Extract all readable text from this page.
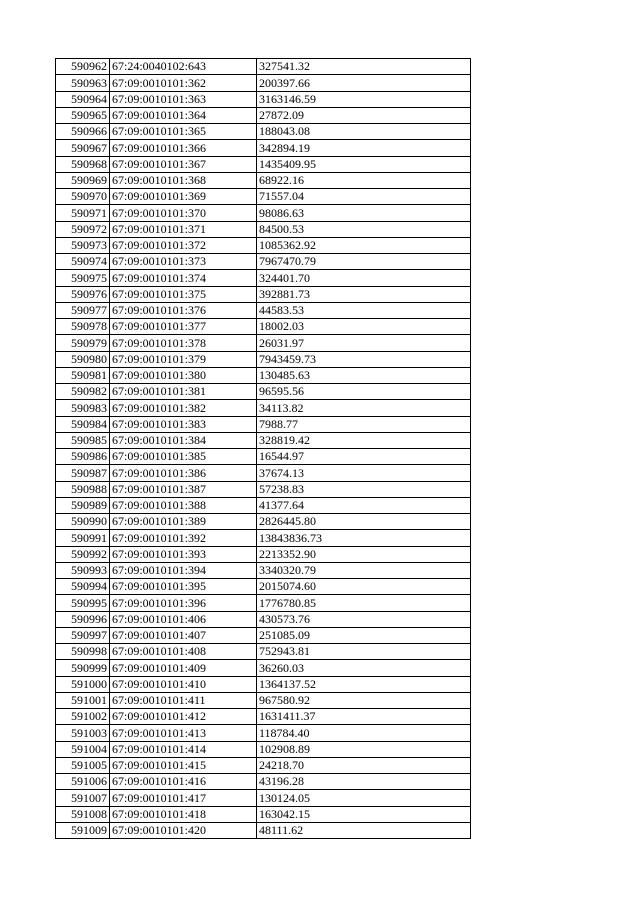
590962	67:24:0040102:643	327541.32
590963	67:09:0010101:362	200397.66
590964	67:09:0010101:363	3163146.59
590965	67:09:0010101:364	27872.09
590966	67:09:0010101:365	188043.08
590967	67:09:0010101:366	342894.19
590968	67:09:0010101:367	1435409.95
590969	67:09:0010101:368	68922.16
590970	67:09:0010101:369	71557.04
590971	67:09:0010101:370	98086.63
590972	67:09:0010101:371	84500.53
590973	67:09:0010101:372	1085362.92
590974	67:09:0010101:373	7967470.79
590975	67:09:0010101:374	324401.70
590976	67:09:0010101:375	392881.73
590977	67:09:0010101:376	44583.53
590978	67:09:0010101:377	18002.03
590979	67:09:0010101:378	26031.97
590980	67:09:0010101:379	7943459.73
590981	67:09:0010101:380	130485.63
590982	67:09:0010101:381	96595.56
590983	67:09:0010101:382	34113.82
590984	67:09:0010101:383	7988.77
590985	67:09:0010101:384	328819.42
590986	67:09:0010101:385	16544.97
590987	67:09:0010101:386	37674.13
590988	67:09:0010101:387	57238.83
590989	67:09:0010101:388	41377.64
590990	67:09:0010101:389	2826445.80
590991	67:09:0010101:392	13843836.73
590992	67:09:0010101:393	2213352.90
590993	67:09:0010101:394	3340320.79
590994	67:09:0010101:395	2015074.60
590995	67:09:0010101:396	1776780.85
590996	67:09:0010101:406	430573.76
590997	67:09:0010101:407	251085.09
590998	67:09:0010101:408	752943.81
590999	67:09:0010101:409	36260.03
591000	67:09:0010101:410	1364137.52
591001	67:09:0010101:411	967580.92
591002	67:09:0010101:412	1631411.37
591003	67:09:0010101:413	118784.40
591004	67:09:0010101:414	102908.89
591005	67:09:0010101:415	24218.70
591006	67:09:0010101:416	43196.28
591007	67:09:0010101:417	130124.05
591008	67:09:0010101:418	163042.15
591009	67:09:0010101:420	48111.62
